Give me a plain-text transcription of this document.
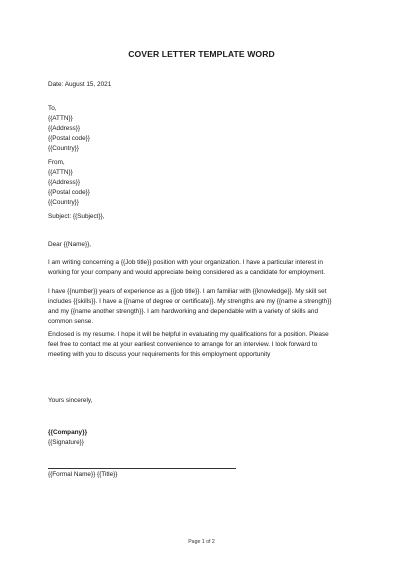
COVER LETTER TEMPLATE WORD
Date: August 15, 2021
To,
{{ATTN}}
{{Address}}
{{Postal code}}
{{Country}}
From,
{{ATTN}}
{{Address}}
{{Postal code}}
{{Country}}
Subject: {{Subject}},
Dear {{Name}},
I am writing concerning a {{Job title}} position with your organization. I have a particular interest in
working for your company and would appreciate being considered as a candidate for employment.
I have {{number}} years of experience as a {{job title}}. I am familiar with {{knowledge}}. My skill set
includes {{skills}}. I have a {{name of degree or certificate}}. My strengths are my {{name a strength}}
and my {{name another strength}}. I am hardworking and dependable with a variety of skills and
common sense.
Enclosed is my resume. I hope it will be helpful in evaluating my qualifications for a position. Please
feel free to contact me at your earliest convenience to arrange for an interview. I look forward to
meeting with you to discuss your requirements for this employment opportunity
Yours sincerely,
{{Company}}
{{Signature}}
{{Formal Name}} {{Title}}
Page 1 of 2
